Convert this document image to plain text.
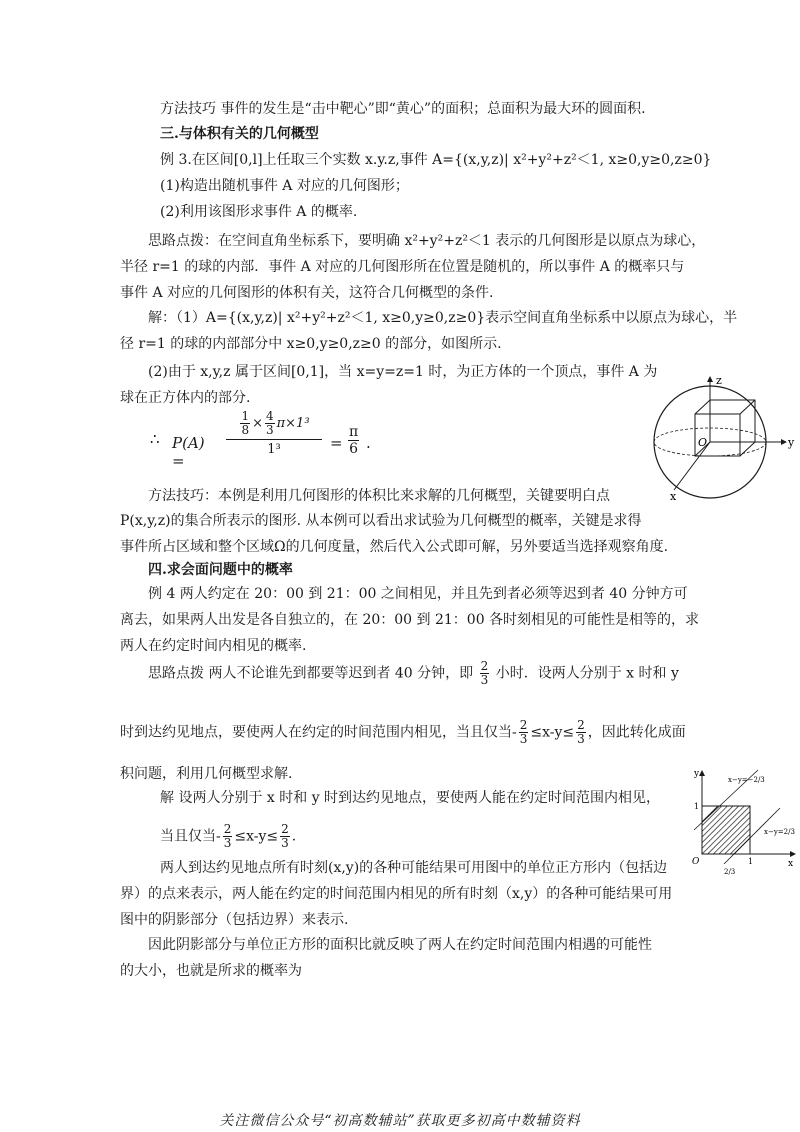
方法技巧 事件的发生是“击中靶心”即“黄心”的面积；总面积为最大环的圆面积.
三.与体积有关的几何概型
例 3.在区间[0,l]上任取三个实数 x.y.z,事件 A={(x,y,z)| x²+y²+z²＜1, x≥0,y≥0,z≥0}
(1)构造出随机事件 A 对应的几何图形；
(2)利用该图形求事件 A 的概率.
思路点拨：在空间直角坐标系下，要明确 x²+y²+z²＜1 表示的几何图形是以原点为球心，
半径 r=1 的球的内部．事件 A 对应的几何图形所在位置是随机的，所以事件 A 的概率只与
事件 A 对应的几何图形的体积有关，这符合几何概型的条件.
解：（1）A={(x,y,z)| x²+y²+z²＜1, x≥0,y≥0,z≥0}表示空间直角坐标系中以原点为球心，半
径 r=1 的球的内部部分中 x≥0,y≥0,z≥0 的部分，如图所示.
(2)由于 x,y,z 属于区间[0,1]，当 x=y=z=1 时，为正方体的一个顶点，事件 A 为
球在正方体内的部分.
∴ P(A) =
$\frac{1}{8} \times \frac{4}{3} \pi\times 1^3$
1³	= $\frac{\pi}{6}$ .
z
y
x
O
方法技巧：本例是利用几何图形的体积比来求解的几何概型，关键要明白点
P(x,y,z)的集合所表示的图形. 从本例可以看出求试验为几何概型的概率，关键是求得
事件所占区域和整个区域Ω的几何度量，然后代入公式即可解，另外要适当选择观察角度.
四.求会面问题中的概率
例 4 两人约定在 20：00 到 21：00 之间相见，并且先到者必须等迟到者 40 分钟方可
离去，如果两人出发是各自独立的，在 20：00 到 21：00 各时刻相见的可能性是相等的，求
两人在约定时间内相见的概率.
思路点拨 两人不论谁先到都要等迟到者 40 分钟，即 $\frac{2}{3}$ 小时．设两人分别于 x 时和 y
时到达约见地点，要使两人在约定的时间范围内相见，当且仅当- $\frac{2}{3} \le x-y\le \frac{2}{3}$ ，因此转化成面
积问题，利用几何概型求解.
解 设两人分别于 x 时和 y 时到达约见地点，要使两人能在约定时间范围内相见，
当且仅当- $\frac{2}{3} \le x-y\le \frac{2}{3}$ .
y
x
O
1
1
x−y=−2/3
x−y=2/3
2/3
两人到达约见地点所有时刻(x,y)的各种可能结果可用图中的单位正方形内（包括边
界）的点来表示，两人能在约定的时间范围内相见的所有时刻（x,y）的各种可能结果可用
图中的阴影部分（包括边界）来表示.
因此阴影部分与单位正方形的面积比就反映了两人在约定时间范围内相遇的可能性
的大小，也就是所求的概率为
关注微信公众号“初高数辅站”获取更多初高中数辅资料
